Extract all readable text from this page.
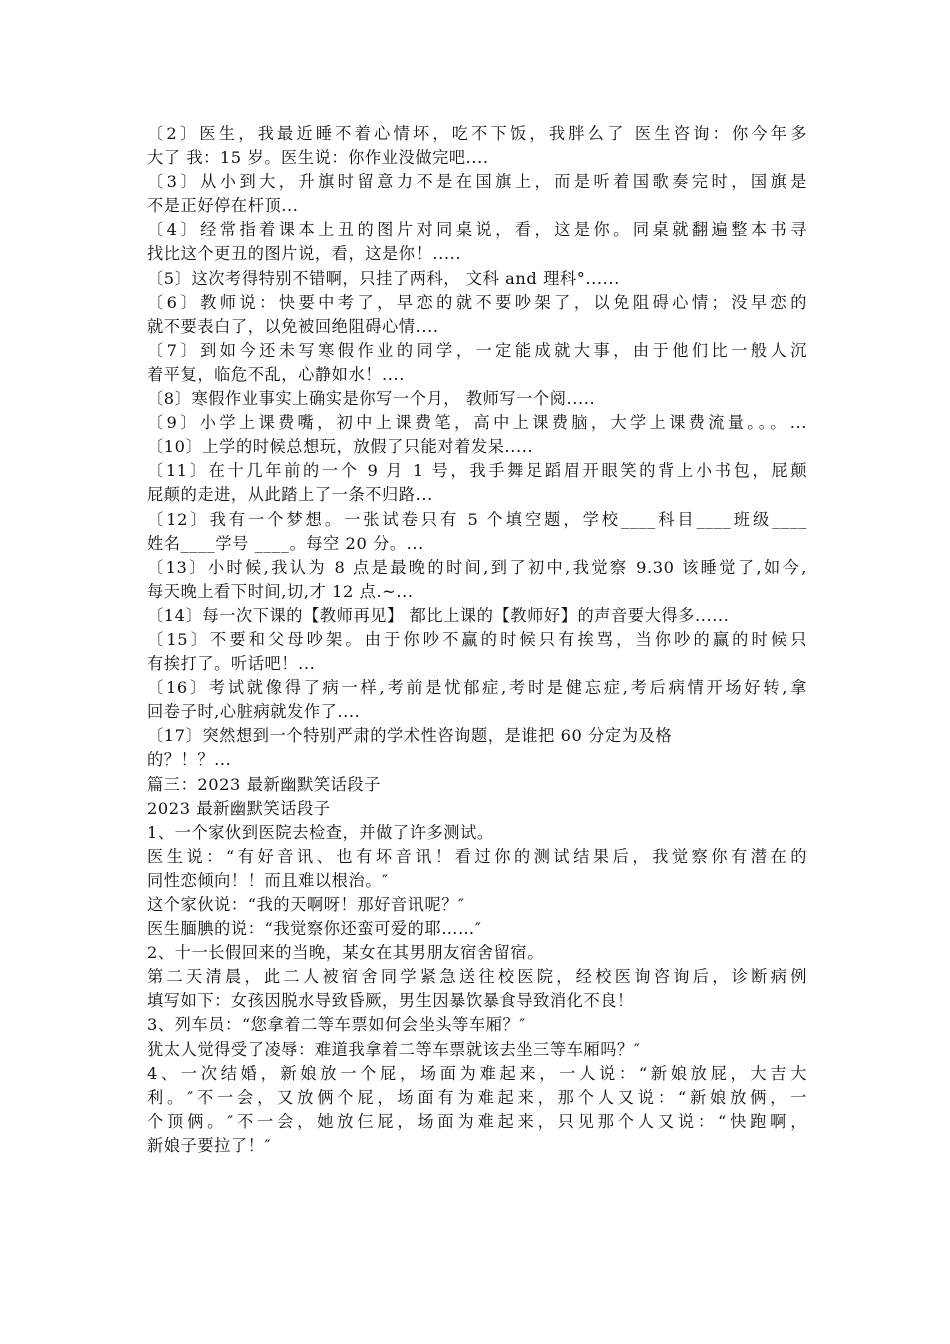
〔2〕医生，我最近睡不着心情坏，吃不下饭，我胖么了 医生咨询：你今年多
大了 我：15 岁。医生说：你作业没做完吧....
〔3〕从小到大，升旗时留意力不是在国旗上，而是听着国歌奏完时，国旗是
不是正好停在杆顶...
〔4〕经常指着课本上丑的图片对同桌说，看，这是你。同桌就翻遍整本书寻
找比这个更丑的图片说，看，这是你！.....
〔5〕这次考得特别不错啊，只挂了两科， 文科 and 理科°......
〔6〕教师说：快要中考了，早恋的就不要吵架了，以免阻碍心情；没早恋的
就不要表白了，以免被回绝阻碍心情....
〔7〕到如今还未写寒假作业的同学，一定能成就大事，由于他们比一般人沉
着平复，临危不乱，心静如水！....
〔8〕寒假作业事实上确实是你写一个月， 教师写一个阅.....
〔9〕小学上课费嘴，初中上课费笔，高中上课费脑，大学上课费流量。。。...
〔10〕上学的时候总想玩，放假了只能对着发呆.....
〔11〕在十几年前的一个 9 月 1 号，我手舞足蹈眉开眼笑的背上小书包，屁颠
屁颠的走进，从此踏上了一条不归路...
〔12〕我有一个梦想。一张试卷只有 5 个填空题，学校____科目____班级____
姓名____学号 ____。每空 20 分。...
〔13〕小时候,我认为 8 点是最晚的时间,到了初中,我觉察 9.30 该睡觉了,如今,
每天晚上看下时间,切,才 12 点.~...
〔14〕每一次下课的【教师再见】 都比上课的【教师好】的声音要大得多......
〔15〕不要和父母吵架。由于你吵不赢的时候只有挨骂，当你吵的赢的时候只
有挨打了。听话吧！...
〔16〕考试就像得了病一样,考前是忧郁症,考时是健忘症,考后病情开场好转,拿
回卷子时,心脏病就发作了....
〔17〕突然想到一个特别严肃的学术性咨询题，是谁把 60 分定为及格
的？！？...
篇三：2023 最新幽默笑话段子
2023 最新幽默笑话段子
1、一个家伙到医院去检查，并做了许多测试。
医生说：“有好音讯、也有坏音讯！看过你的测试结果后，我觉察你有潜在的
同性恋倾向！！而且难以根治。″
这个家伙说：“我的天啊呀！那好音讯呢？″
医生腼腆的说：“我觉察你还蛮可爱的耶……″
2、十一长假回来的当晚，某女在其男朋友宿舍留宿。
第二天清晨，此二人被宿舍同学紧急送往校医院，经校医询咨询后，诊断病例
填写如下：女孩因脱水导致昏厥，男生因暴饮暴食导致消化不良！
3、列车员：“您拿着二等车票如何会坐头等车厢？″
犹太人觉得受了凌辱：难道我拿着二等车票就该去坐三等车厢吗？″
4、一次结婚，新娘放一个屁，场面为难起来，一人说：“新娘放屁，大吉大
利。″不一会，又放俩个屁，场面有为难起来，那个人又说：“新娘放俩，一
个顶俩。″不一会，她放仨屁，场面为难起来，只见那个人又说：“快跑啊，
新娘子要拉了！″
